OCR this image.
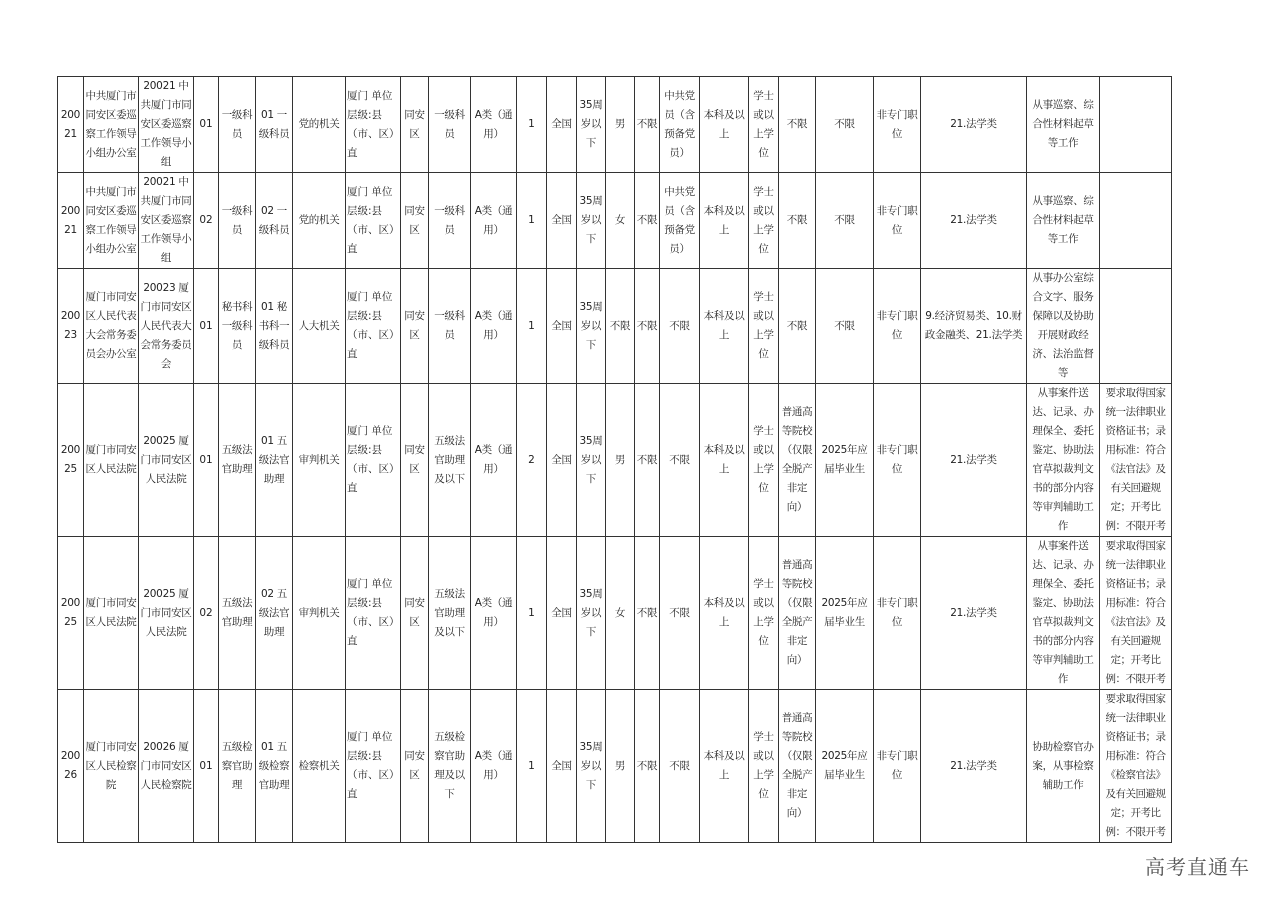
20021	中共厦门市同安区委巡察工作领导小组办公室	20021 中共厦门市同安区委巡察工作领导小组	01	一级科员	01 一级科员	党的机关	厦门 单位层级:县（市、区）直	同安区	一级科员	A类（通用）	1	全国	35周岁以下	男	不限	中共党员（含预备党员）	本科及以上	学士或以上学位	不限	不限	非专门职位	21.法学类	从事巡察、综合性材料起草等工作	
20021	中共厦门市同安区委巡察工作领导小组办公室	20021 中共厦门市同安区委巡察工作领导小组	02	一级科员	02 一级科员	党的机关	厦门 单位层级:县（市、区）直	同安区	一级科员	A类（通用）	1	全国	35周岁以下	女	不限	中共党员（含预备党员）	本科及以上	学士或以上学位	不限	不限	非专门职位	21.法学类	从事巡察、综合性材料起草等工作	
20023	厦门市同安区人民代表大会常务委员会办公室	20023 厦门市同安区人民代表大会常务委员会	01	秘书科一级科员	01 秘书科一级科员	人大机关	厦门 单位层级:县（市、区）直	同安区	一级科员	A类（通用）	1	全国	35周岁以下	不限	不限	不限	本科及以上	学士或以上学位	不限	不限	非专门职位	9.经济贸易类、10.财政金融类、21.法学类	从事办公室综合文字、服务保障以及协助开展财政经济、法治监督等	
20025	厦门市同安区人民法院	20025 厦门市同安区人民法院	01	五级法官助理	01 五级法官助理	审判机关	厦门 单位层级:县（市、区）直	同安区	五级法官助理及以下	A类（通用）	2	全国	35周岁以下	男	不限	不限	本科及以上	学士或以上学位	普通高等院校（仅限全脱产非定向）	2025年应届毕业生	非专门职位	21.法学类	从事案件送达、记录、办理保全、委托鉴定、协助法官草拟裁判文书的部分内容等审判辅助工作	要求取得国家统一法律职业资格证书；录用标准：符合《法官法》及有关回避规定；开考比例：不限开考
20025	厦门市同安区人民法院	20025 厦门市同安区人民法院	02	五级法官助理	02 五级法官助理	审判机关	厦门 单位层级:县（市、区）直	同安区	五级法官助理及以下	A类（通用）	1	全国	35周岁以下	女	不限	不限	本科及以上	学士或以上学位	普通高等院校（仅限全脱产非定向）	2025年应届毕业生	非专门职位	21.法学类	从事案件送达、记录、办理保全、委托鉴定、协助法官草拟裁判文书的部分内容等审判辅助工作	要求取得国家统一法律职业资格证书；录用标准：符合《法官法》及有关回避规定；开考比例：不限开考
20026	厦门市同安区人民检察院	20026 厦门市同安区人民检察院	01	五级检察官助理	01 五级检察官助理	检察机关	厦门 单位层级:县（市、区）直	同安区	五级检察官助理及以下	A类（通用）	1	全国	35周岁以下	男	不限	不限	本科及以上	学士或以上学位	普通高等院校（仅限全脱产非定向）	2025年应届毕业生	非专门职位	21.法学类	协助检察官办案，从事检察辅助工作	要求取得国家统一法律职业资格证书；录用标准：符合《检察官法》及有关回避规定；开考比例：不限开考
高考直通车
